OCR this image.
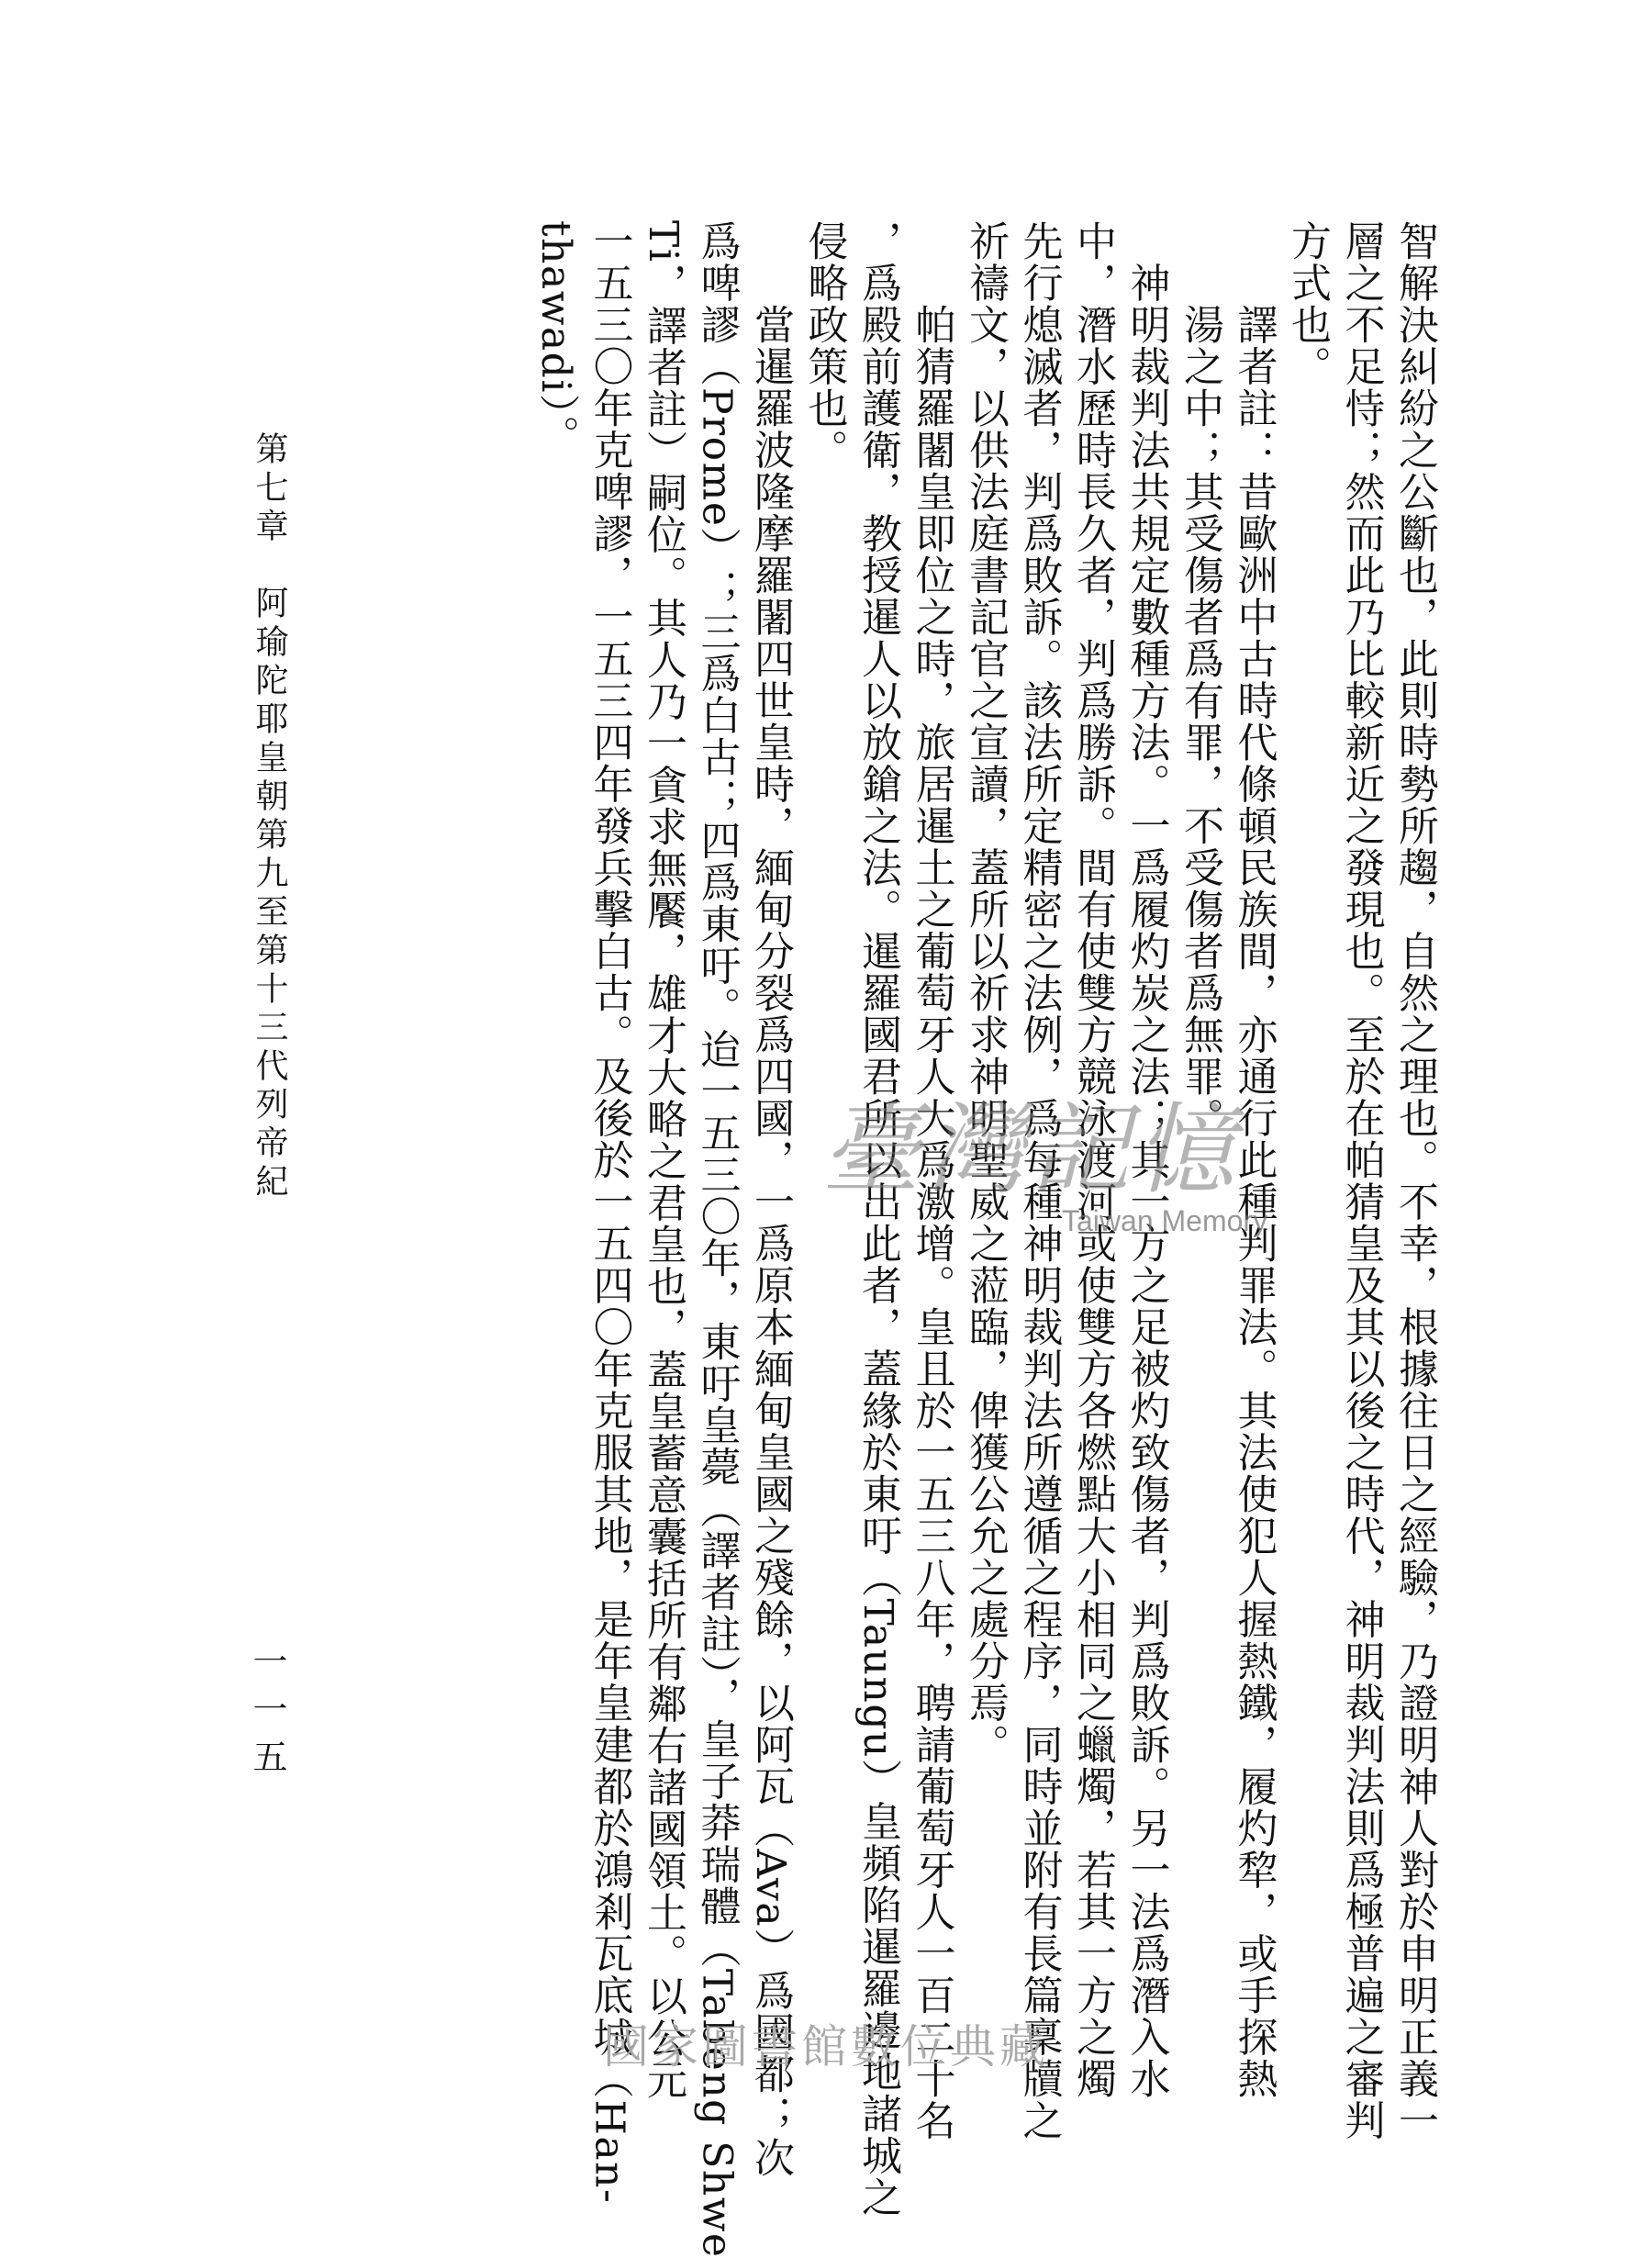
智解決糾紛之公斷也，此則時勢所趨，自然之理也。不幸，根據往日之經驗，乃證明神人對於申明正義一
層之不足恃；然而此乃比較新近之發現也。至於在帕猜皇及其以後之時代，神明裁判法則爲極普遍之審判
方式也。
　　譯者註：昔歐洲中古時代條頓民族間，亦通行此種判罪法。其法使犯人握熱鐵，履灼犂，或手探熱
　　湯之中；其受傷者爲有罪，不受傷者爲無罪。
　神明裁判法共規定數種方法。一爲履灼炭之法；其一方之足被灼致傷者，判爲敗訴。另一法爲潛入水
中，潛水歷時長久者，判爲勝訴。間有使雙方競泳渡河或使雙方各燃點大小相同之蠟燭，若其一方之燭
先行熄滅者，判爲敗訴。該法所定精密之法例，爲每種神明裁判法所遵循之程序，同時並附有長篇稟牘之
祈禱文，以供法庭書記官之宣讀，蓋所以祈求神明聖威之蒞臨，俾獲公允之處分焉。
　　帕猜羅闍皇即位之時，旅居暹土之葡萄牙人大爲激增。皇且於一五三八年，聘請葡萄牙人一百二十名
，爲殿前護衛，教授暹人以放鎗之法。暹羅國君所以出此者，蓋緣於東吁（Taungu）皇頻陷暹羅邊地諸城之
侵略政策也。
　　當暹羅波隆摩羅闍四世皇時，緬甸分裂爲四國，一爲原本緬甸皇國之殘餘，以阿瓦（Ava）爲國都；次
爲啤謬（Prome）；三爲白古；四爲東吁。迨一五三〇年，東吁皇薨（譯者註），皇子莽瑞體（Tabeng Shwe
Ti，譯者註）嗣位。其人乃一貪求無饜，雄才大略之君皇也，蓋皇蓄意囊括所有鄰右諸國領土。以公元
一五三〇年克啤謬，一五三四年發兵擊白古。及後於一五四〇年克服其地，是年皇建都於鴻剎瓦底城（Han-
thawadi）。
第七章　阿瑜陀耶皇朝第九至第十三代列帝紀
一一五
臺灣記憶
Taiwan Memory
國家圖書館數位典藏
